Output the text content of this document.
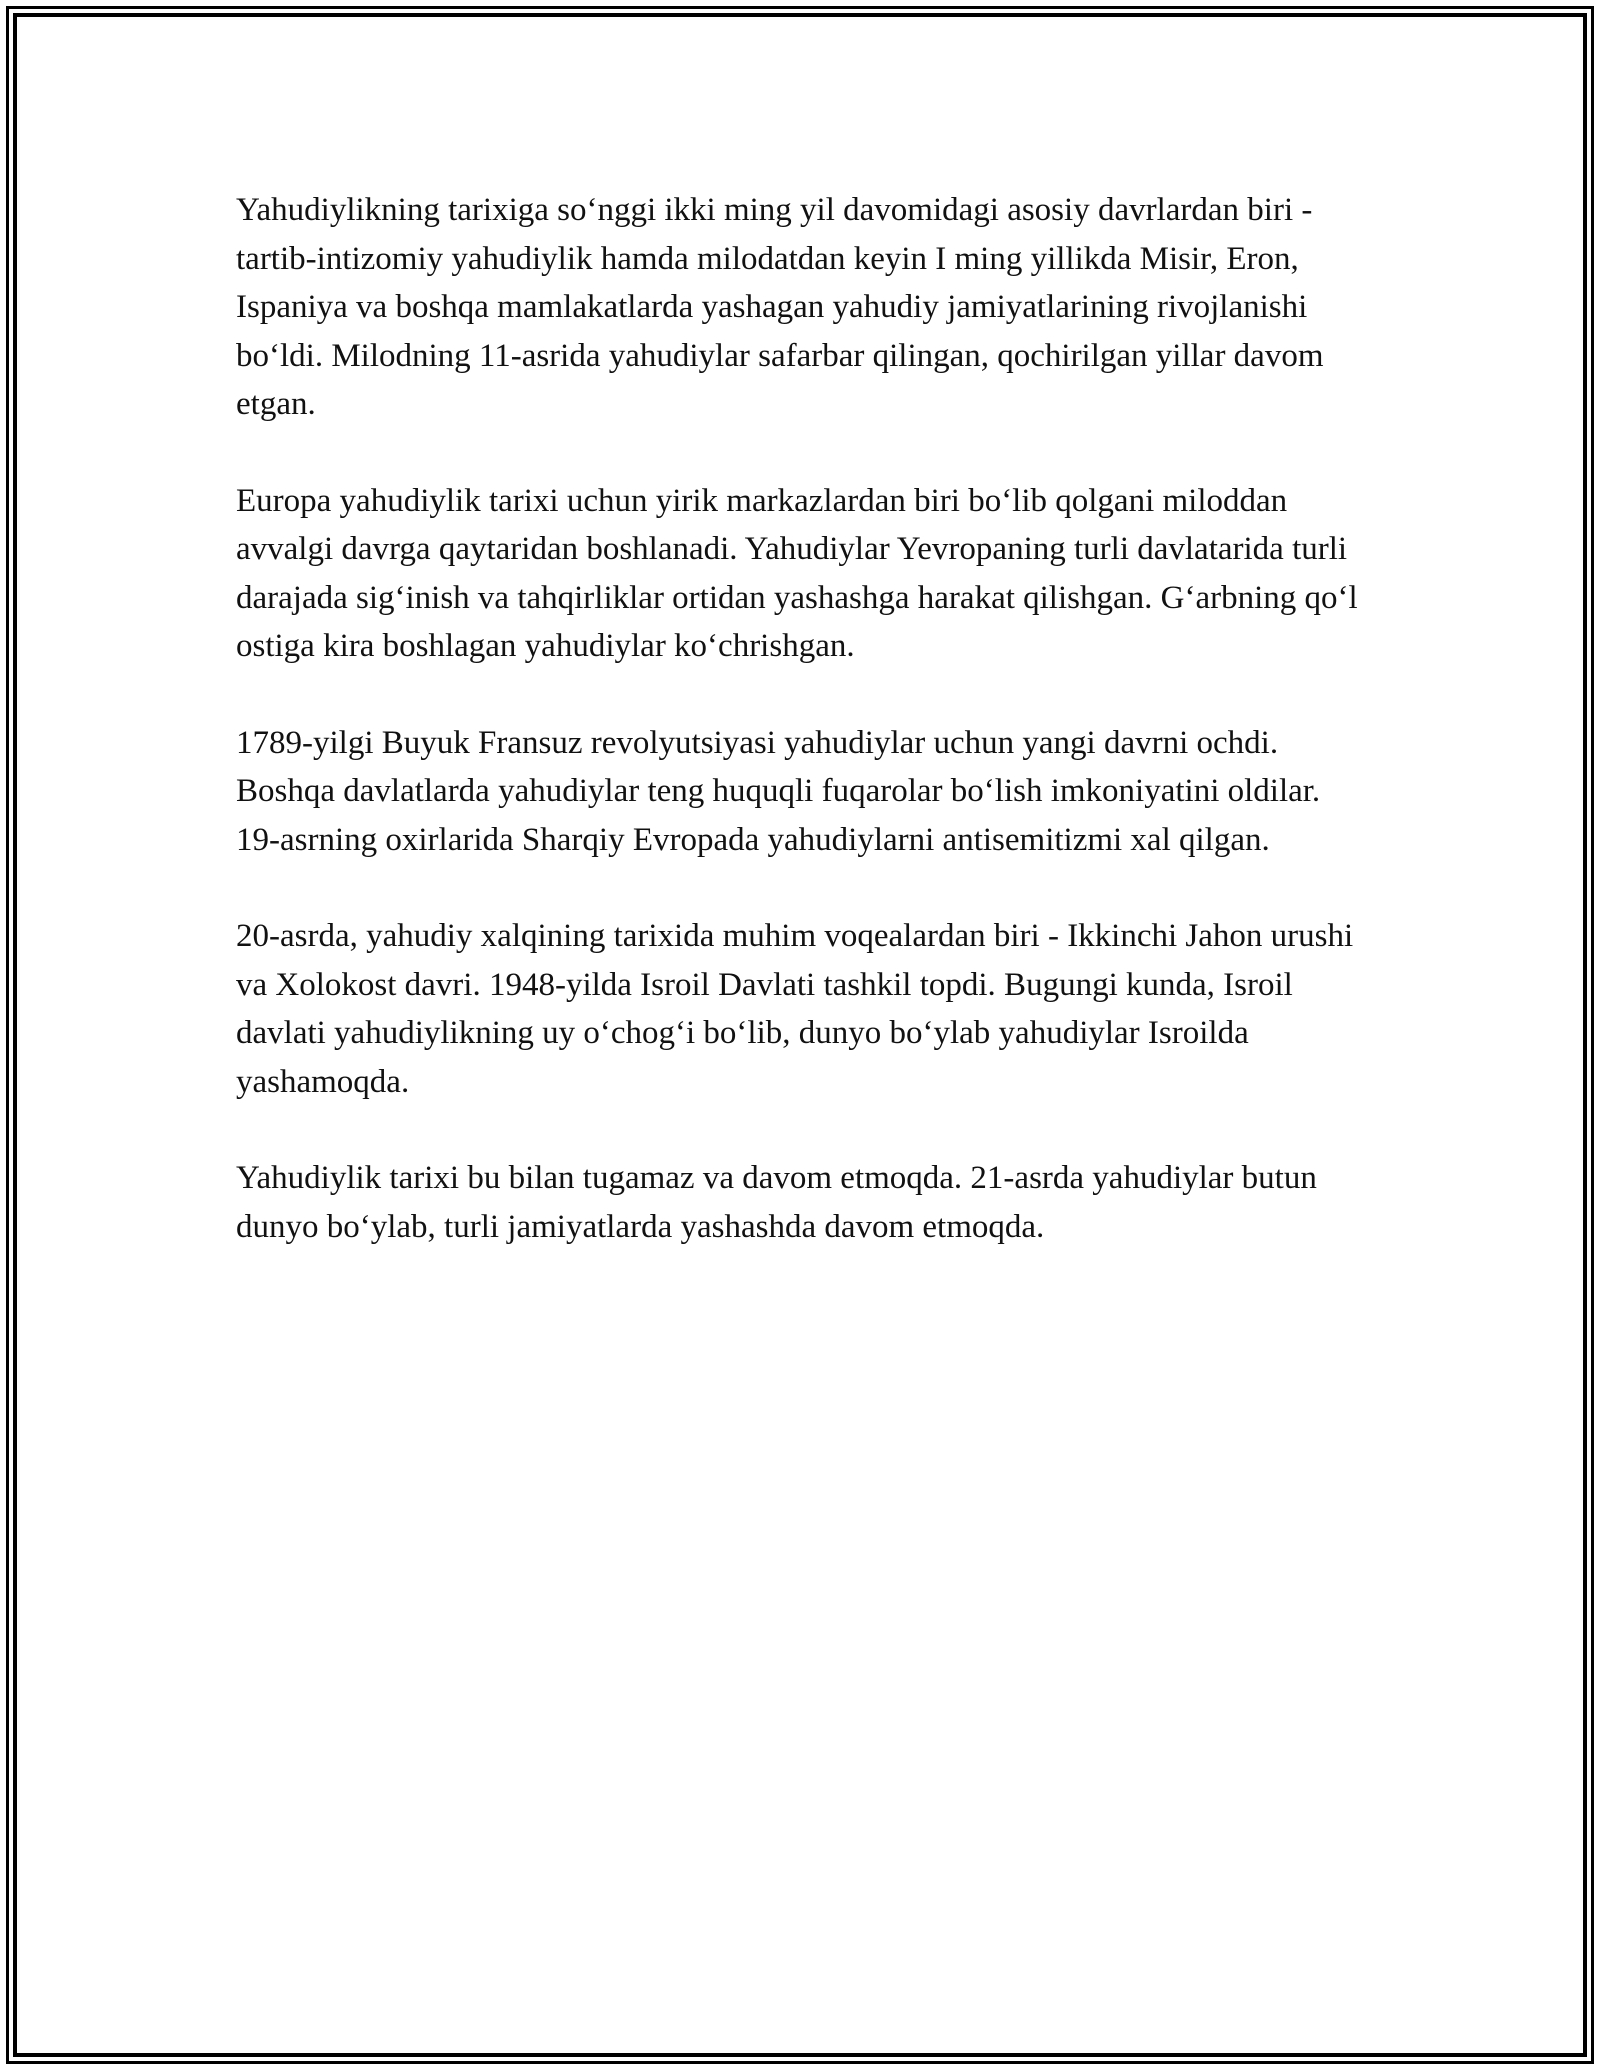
Yahudiylikning tarixiga so‘nggi ikki ming yil davomidagi asosiy davrlardan biri - tartib-intizomiy yahudiylik hamda milodatdan keyin I ming yillikda Misir, Eron, Ispaniya va boshqa mamlakatlarda yashagan yahudiy jamiyatlarining rivojlanishi bo‘ldi. Milodning 11-asrida yahudiylar safarbar qilingan, qochirilgan yillar davom etgan.

Europa yahudiylik tarixi uchun yirik markazlardan biri bo‘lib qolgani miloddan avvalgi davrga qaytaridan boshlanadi. Yahudiylar Yevropaning turli davlatarida turli darajada sig‘inish va tahqirliklar ortidan yashashga harakat qilishgan. G‘arbning qo‘l ostiga kira boshlagan yahudiylar ko‘chrishgan.

1789-yilgi Buyuk Fransuz revolyutsiyasi yahudiylar uchun yangi davrni ochdi. Boshqa davlatlarda yahudiylar teng huquqli fuqarolar bo‘lish imkoniyatini oldilar. 19-asrning oxirlarida Sharqiy Evropada yahudiylarni antisemitizmi xal qilgan.

20-asrda, yahudiy xalqining tarixida muhim voqealardan biri - Ikkinchi Jahon urushi va Xolokost davri. 1948-yilda Isroil Davlati tashkil topdi. Bugungi kunda, Isroil davlati yahudiylikning uy o‘chog‘i bo‘lib, dunyo bo‘ylab yahudiylar Isroilda yashamoqda.

Yahudiylik tarixi bu bilan tugamaz va davom etmoqda. 21-asrda yahudiylar butun dunyo bo‘ylab, turli jamiyatlarda yashashda davom etmoqda.
